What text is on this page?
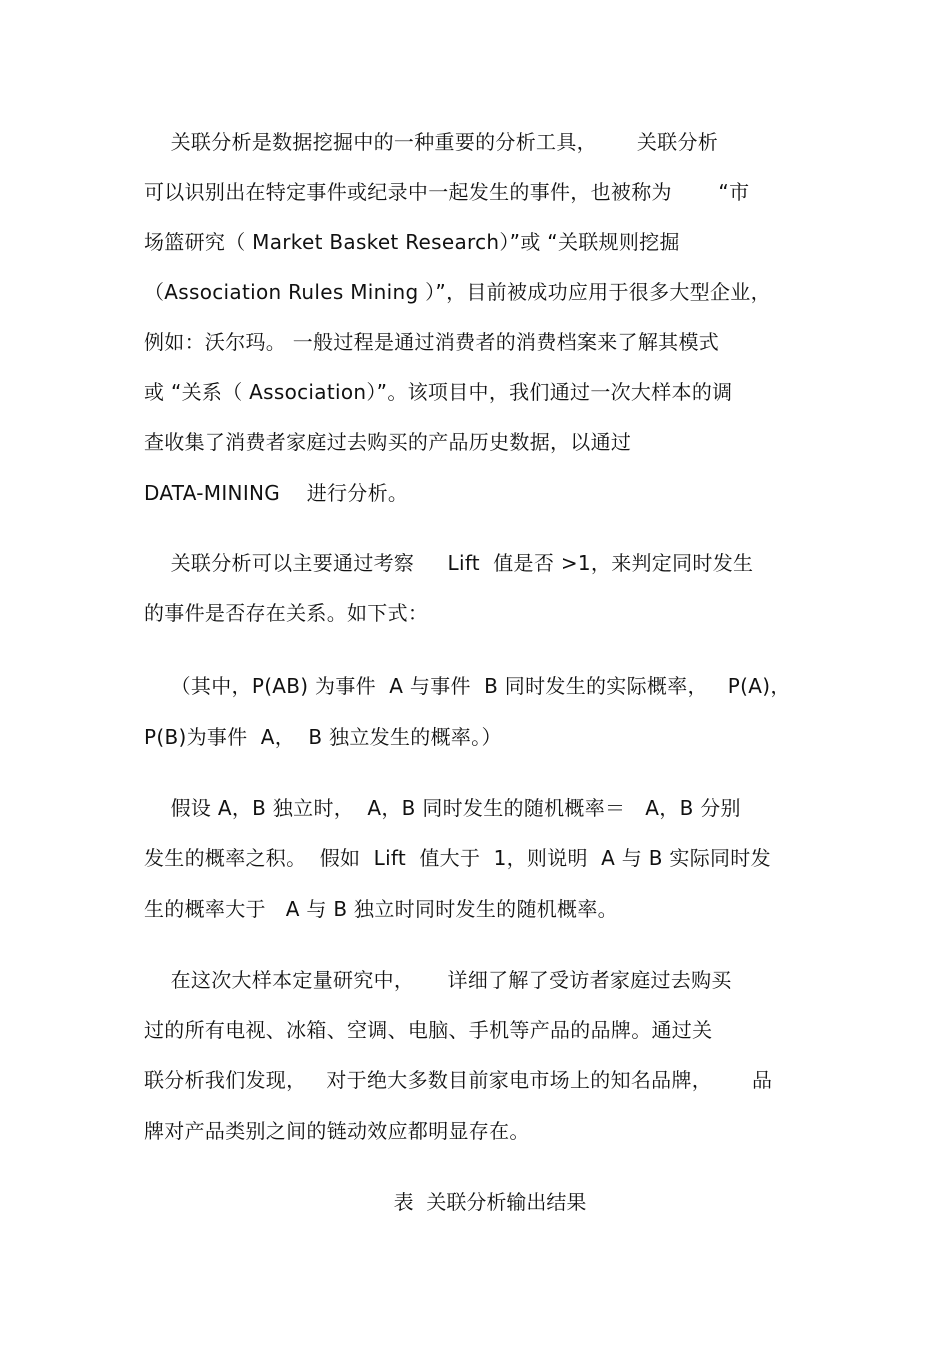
关联分析是数据挖掘中的一种重要的分析工具，      关联分析
可以识别出在特定事件或纪录中一起发生的事件，也被称为       “市
场篮研究（ Market Basket Research）”或 “关联规则挖掘
（Association Rules Mining ）”，目前被成功应用于很多大型企业，
例如：沃尔玛。 一般过程是通过消费者的消费档案来了解其模式
或 “关系（ Association）”。该项目中，我们通过一次大样本的调
查收集了消费者家庭过去购买的产品历史数据，以通过
DATA-MINING    进行分析。
关联分析可以主要通过考察     Lift  值是否 >1，来判定同时发生
的事件是否存在关系。如下式：
（其中，P(AB) 为事件  A 与事件  B 同时发生的实际概率，   P(A)，
P(B)为事件  A，  B 独立发生的概率。）
假设 A，B 独立时，  A，B 同时发生的随机概率＝   A，B 分别
发生的概率之积。  假如  Lift  值大于  1，则说明  A 与 B 实际同时发
生的概率大于   A 与 B 独立时同时发生的随机概率。
在这次大样本定量研究中，     详细了解了受访者家庭过去购买
过的所有电视、冰箱、空调、电脑、手机等产品的品牌。通过关
联分析我们发现，   对于绝大多数目前家电市场上的知名品牌，      品
牌对产品类别之间的链动效应都明显存在。
表  关联分析输出结果
